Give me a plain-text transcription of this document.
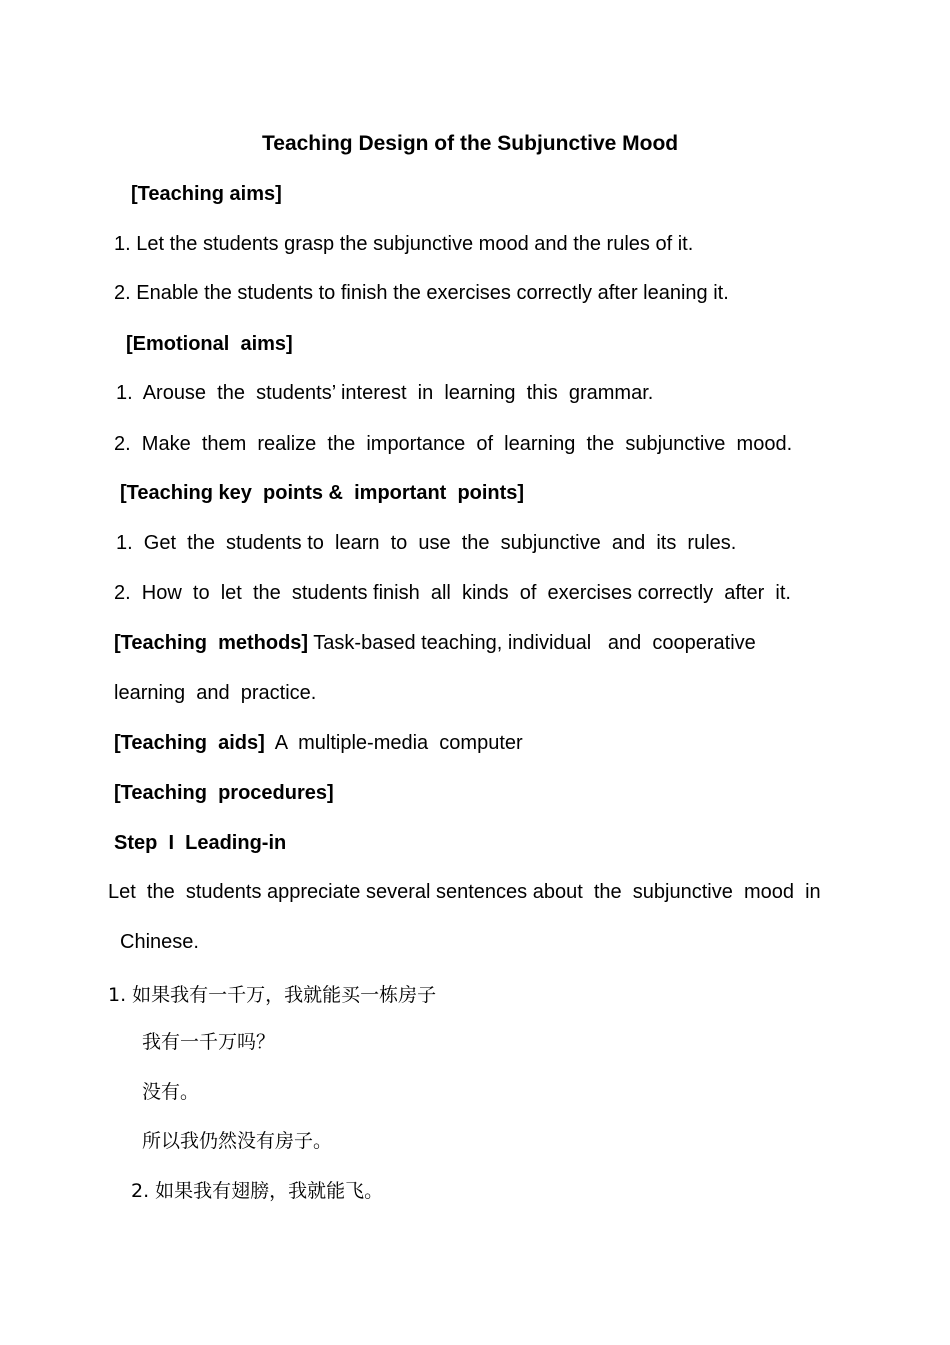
Teaching Design of the Subjunctive Mood
[Teaching aims]
1. Let the students grasp the subjunctive mood and the rules of it.
2. Enable the students to finish the exercises correctly after leaning it.
[Emotional  aims]
1.  Arouse  the  students’ interest  in  learning  this  grammar.
2.  Make  them  realize  the  importance  of  learning  the  subjunctive  mood.
[Teaching key  points &  important  points]
1.  Get  the  students to  learn  to  use  the  subjunctive  and  its  rules.
2.  How  to  let  the  students finish  all  kinds  of  exercises correctly  after  it.
[Teaching  methods] Task-based teaching, individual   and  cooperative
learning  and  practice.
[Teaching  aids] A  multiple-media  computer
[Teaching  procedures]
Step  I  Leading-in
Let  the  students appreciate several sentences about  the  subjunctive  mood  in
Chinese.
1. 如果我有一千万，我就能买一栋房子
我有一千万吗？
没有。
所以我仍然没有房子。
2. 如果我有翅膀，我就能飞。
